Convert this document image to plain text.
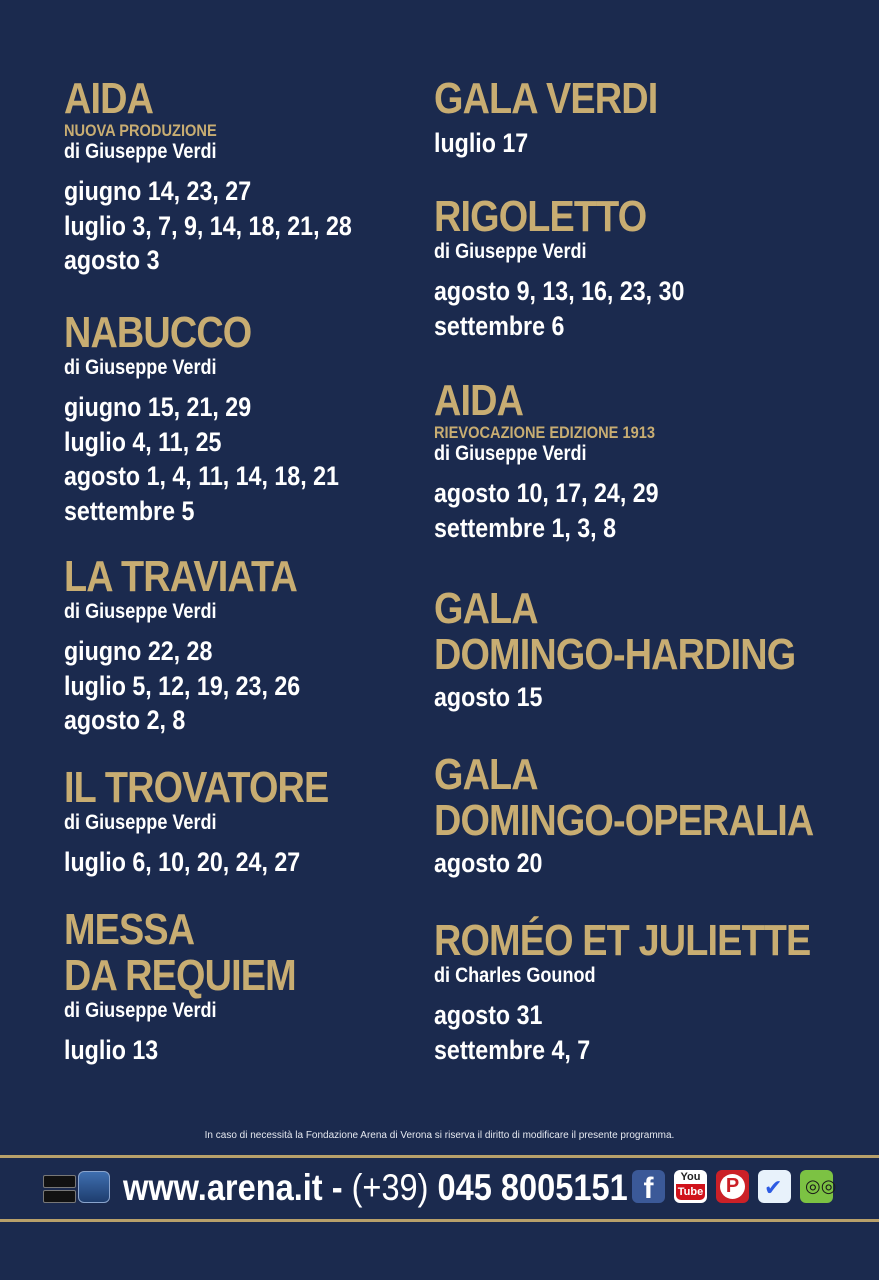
AIDA
NUOVA PRODUZIONE
di Giuseppe Verdi
giugno 14, 23, 27
luglio 3, 7, 9, 14, 18, 21, 28
agosto 3
NABUCCO
di Giuseppe Verdi
giugno 15, 21, 29
luglio 4, 11, 25
agosto 1, 4, 11, 14, 18, 21
settembre 5
LA TRAVIATA
di Giuseppe Verdi
giugno 22, 28
luglio 5, 12, 19, 23, 26
agosto 2, 8
IL TROVATORE
di Giuseppe Verdi
luglio 6, 10, 20, 24, 27
MESSA
DA REQUIEM
di Giuseppe Verdi
luglio 13
GALA VERDI
luglio 17
RIGOLETTO
di Giuseppe Verdi
agosto 9, 13, 16, 23, 30
settembre 6
AIDA
RIEVOCAZIONE EDIZIONE 1913
di Giuseppe Verdi
agosto 10, 17, 24, 29
settembre 1, 3, 8
GALA
DOMINGO-HARDING
agosto 15
GALA
DOMINGO-OPERALIA
agosto 20
ROMÉO ET JULIETTE
di Charles Gounod
agosto 31
settembre 4, 7
In caso di necessità la Fondazione Arena di Verona si riserva il diritto di modificare il presente programma.
www.arena.it - (+39) 045 8005151 f	You
Tube P ✔ ◎◎
